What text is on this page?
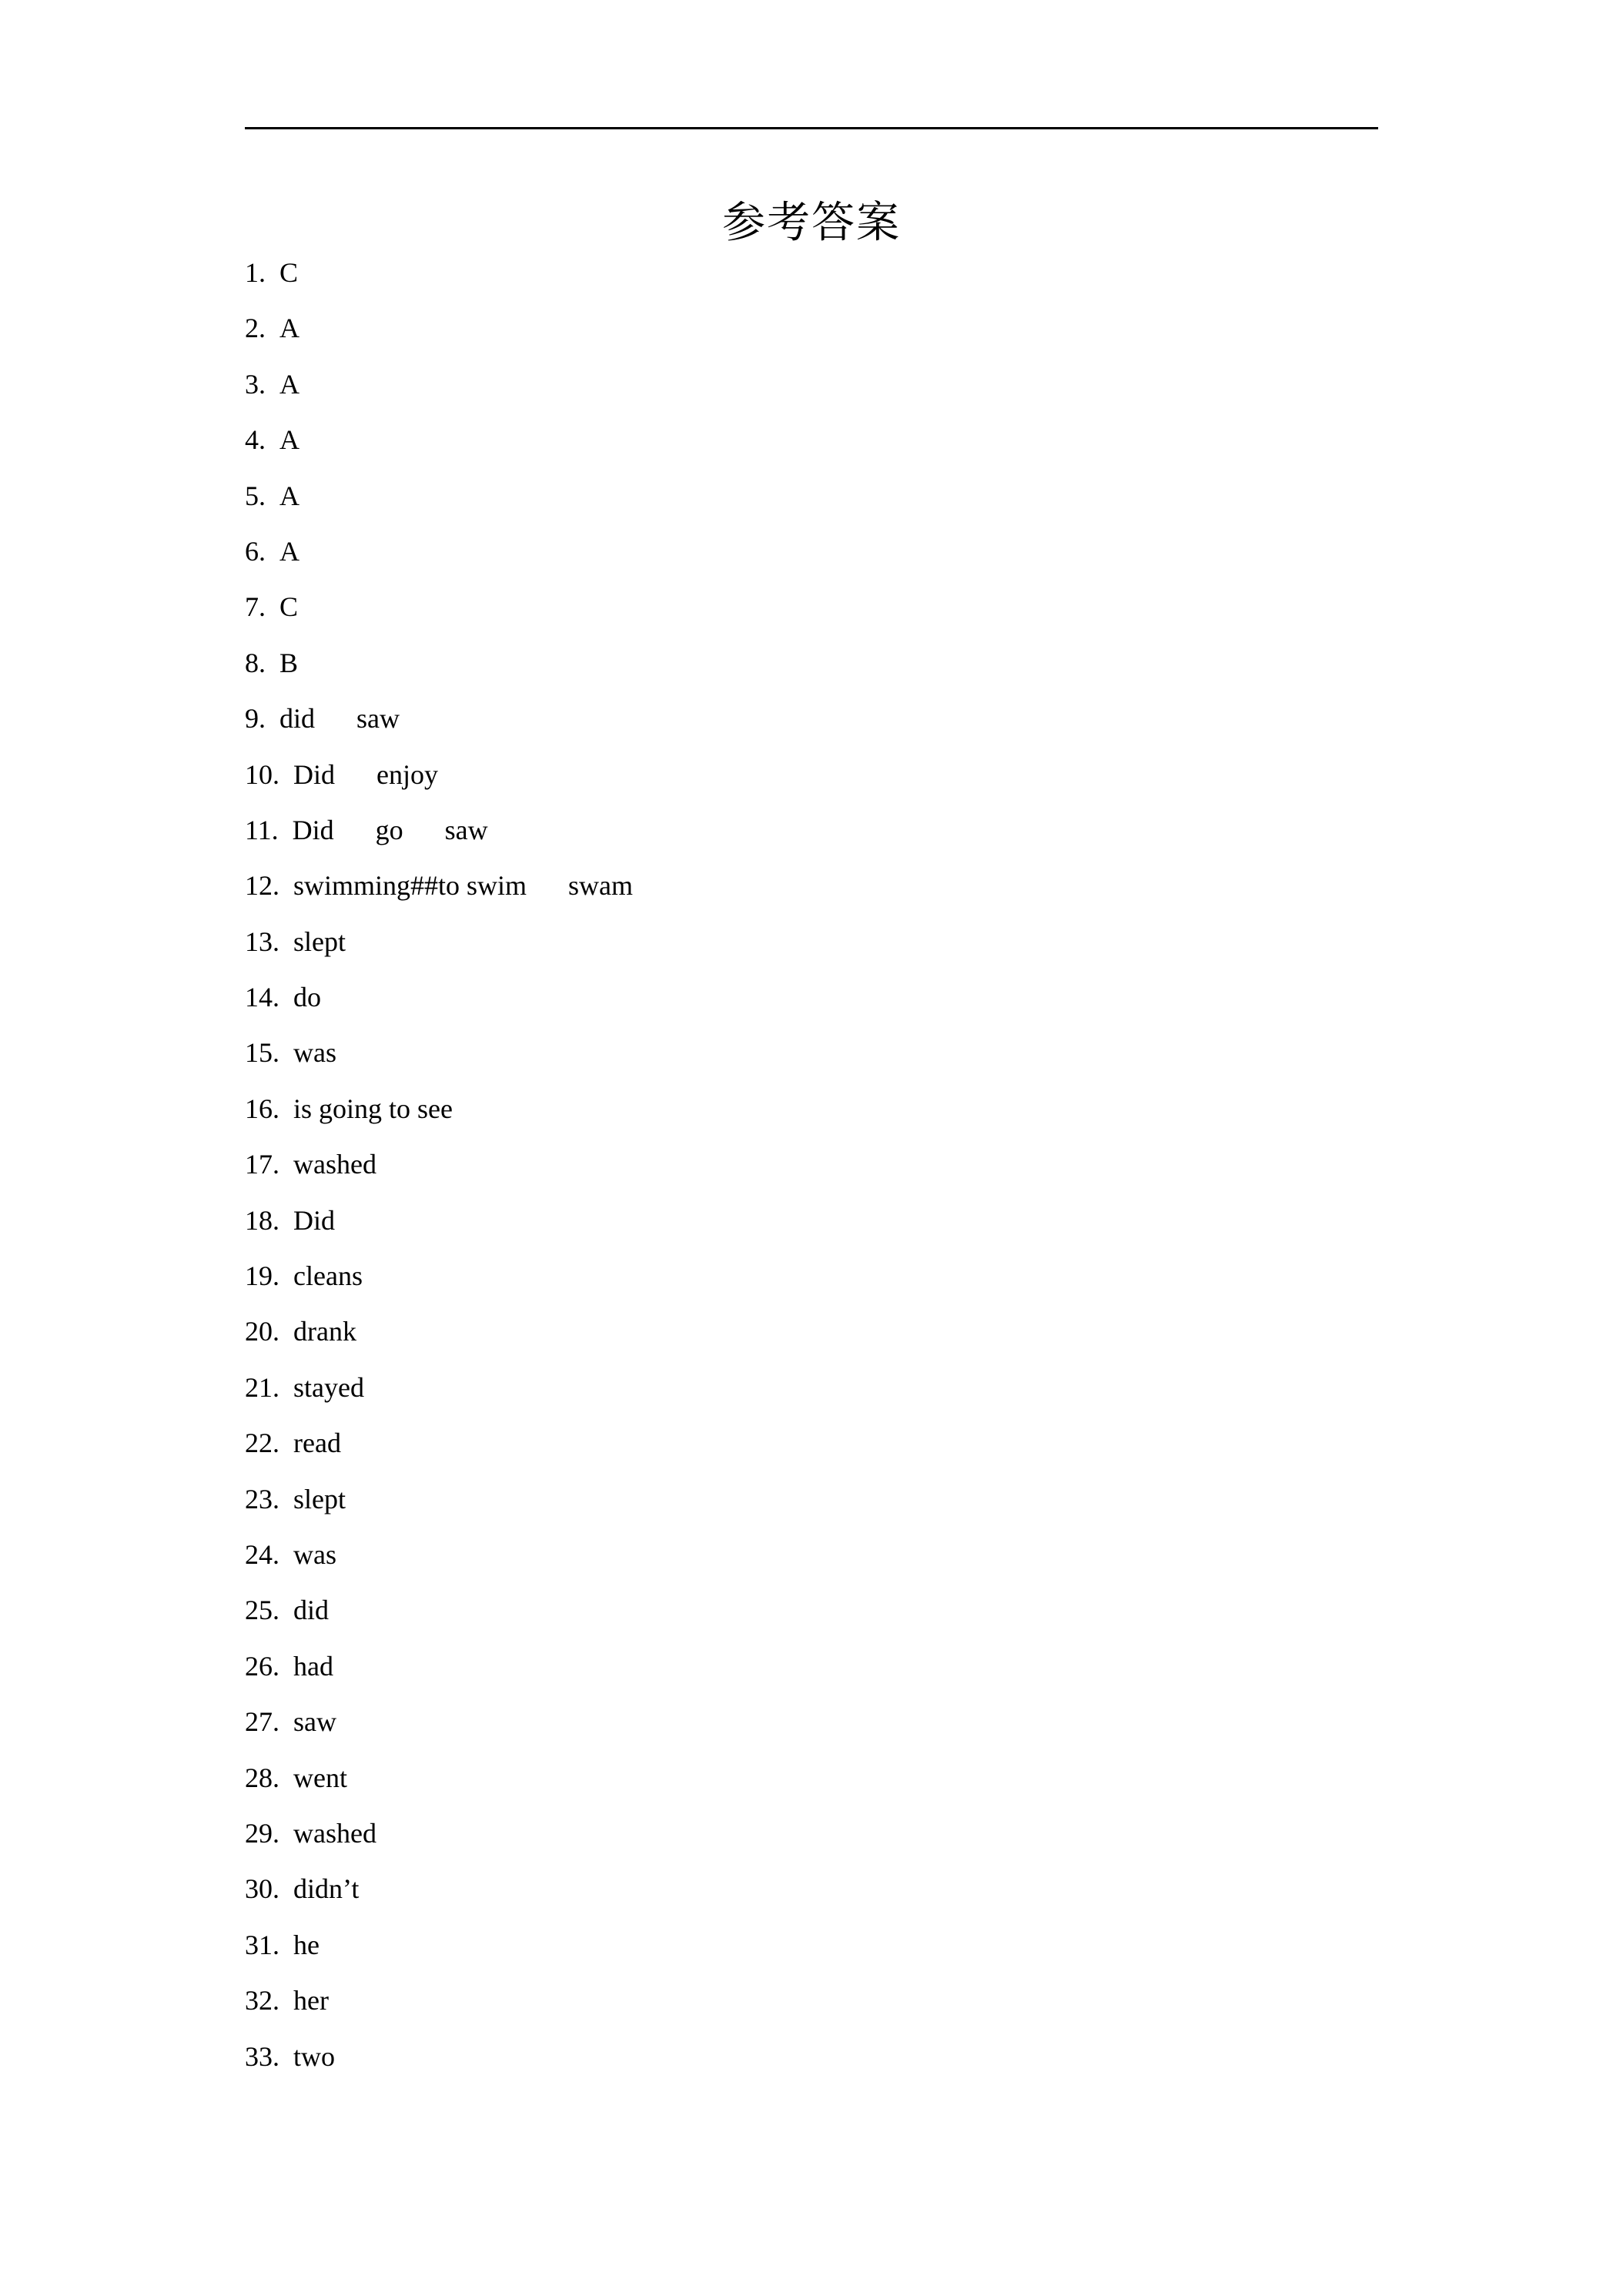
参考答案
1. C
2. A
3. A
4. A
5. A
6. A
7. C
8. B
9. did saw
10. Did enjoy
11. Did go saw
12. swimming##to swim swam
13. slept
14. do
15. was
16. is going to see
17. washed
18. Did
19. cleans
20. drank
21. stayed
22. read
23. slept
24. was
25. did
26. had
27. saw
28. went
29. washed
30. didn’t
31. he
32. her
33. two
